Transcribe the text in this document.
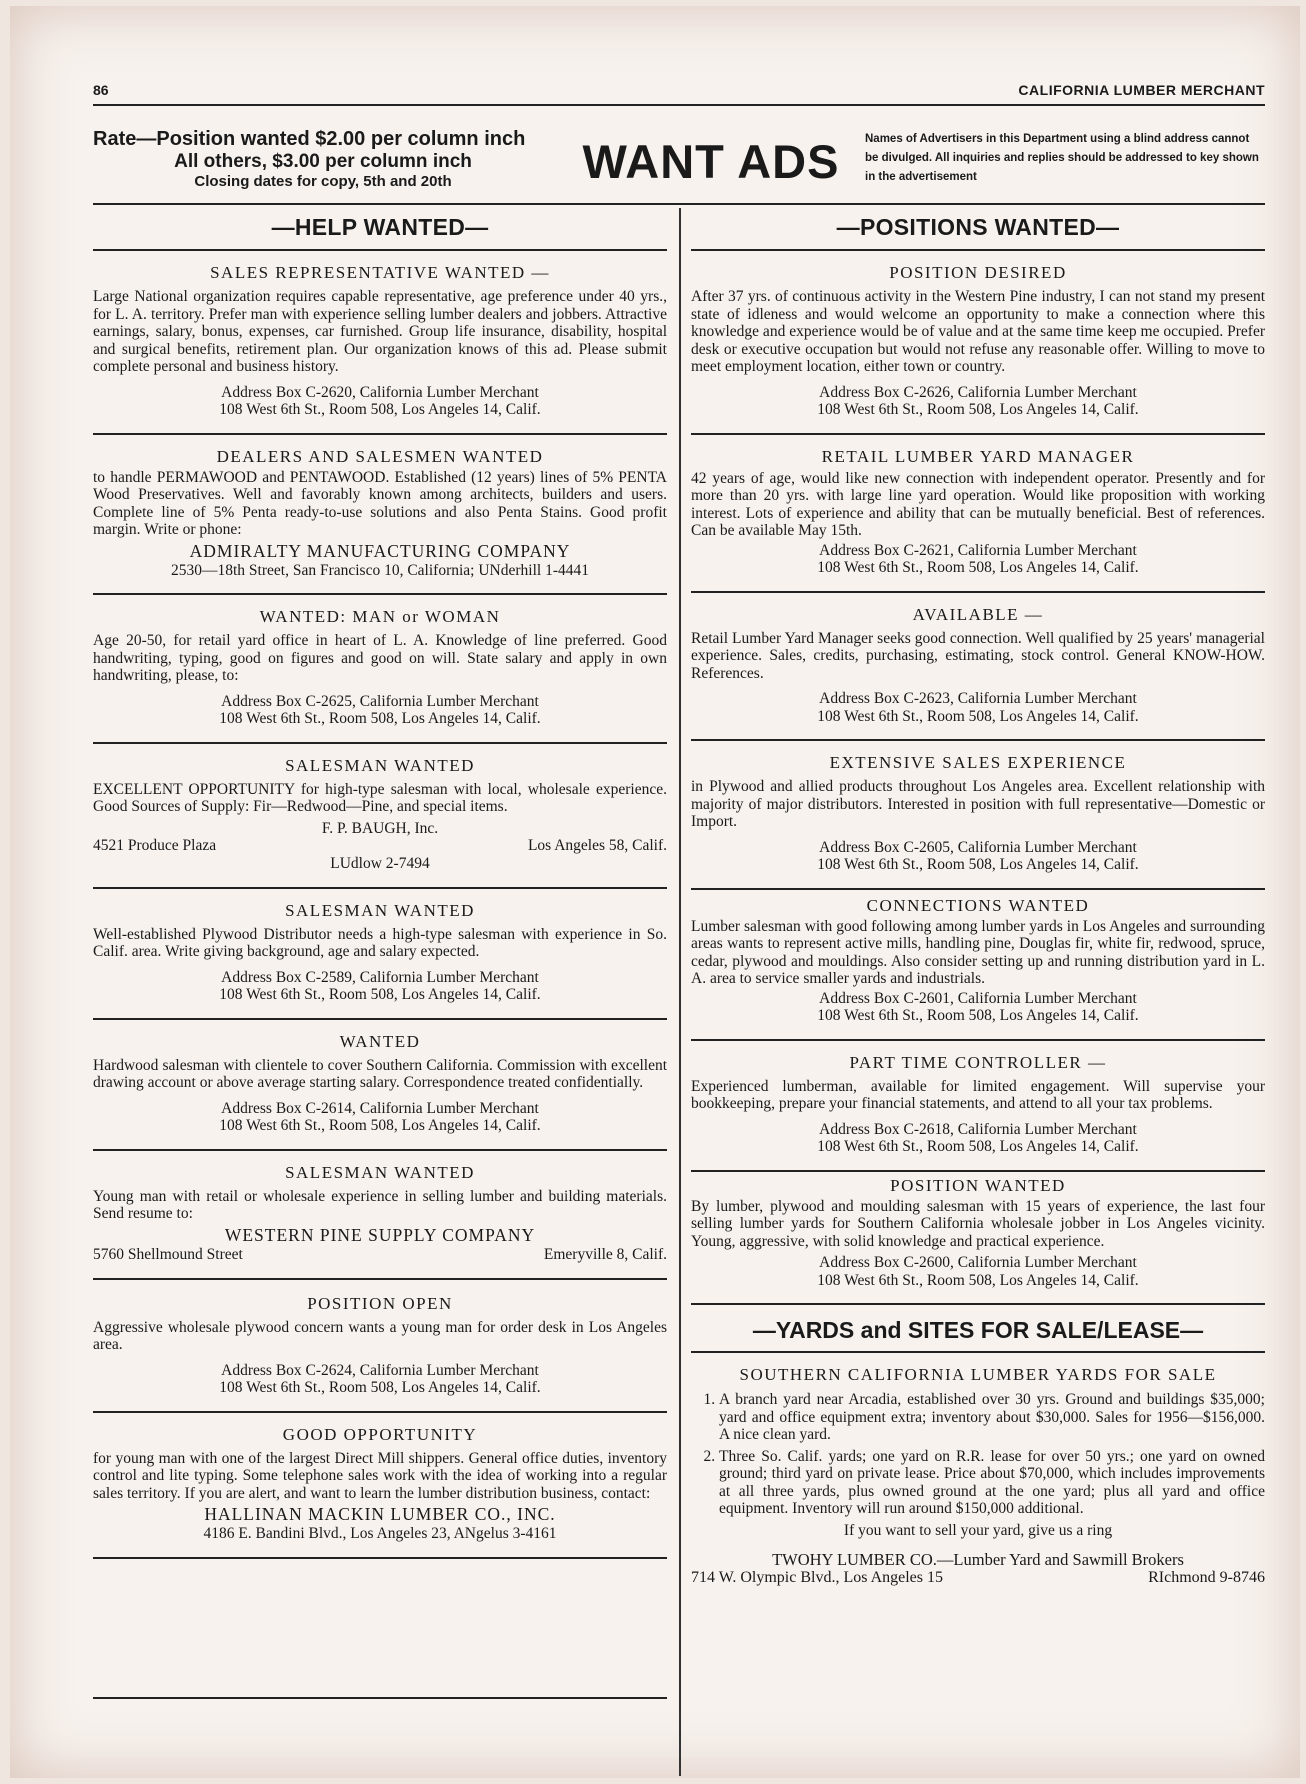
86	CALIFORNIA LUMBER MERCHANT
Rate—Position wanted $2.00 per column inch
All others, $3.00 per column inch
Closing dates for copy, 5th and 20th	WANT ADS	Names of Advertisers in this Department using a blind address cannot be divulged. All inquiries and replies should be addressed to key shown in the advertisement
—HELP WANTED—
SALES REPRESENTATIVE WANTED —

Large National organization requires capable representative, age preference under 40 yrs., for L. A. territory. Prefer man with experience selling lumber dealers and jobbers. Attractive earnings, salary, bonus, expenses, car furnished. Group life insurance, disability, hospital and surgical benefits, retirement plan. Our organization knows of this ad. Please submit complete personal and business history.

Address Box C-2620, California Lumber Merchant
108 West 6th St., Room 508, Los Angeles 14, Calif.
DEALERS AND SALESMEN WANTED

to handle PERMAWOOD and PENTAWOOD. Established (12 years) lines of 5% PENTA Wood Preservatives. Well and favorably known among architects, builders and users. Complete line of 5% Penta ready-to-use solutions and also Penta Stains. Good profit margin. Write or phone:

ADMIRALTY MANUFACTURING COMPANY
2530—18th Street, San Francisco 10, California; UNderhill 1-4441
WANTED: MAN or WOMAN

Age 20-50, for retail yard office in heart of L. A. Knowledge of line preferred. Good handwriting, typing, good on figures and good on will. State salary and apply in own handwriting, please, to:

Address Box C-2625, California Lumber Merchant
108 West 6th St., Room 508, Los Angeles 14, Calif.
SALESMAN WANTED

EXCELLENT OPPORTUNITY for high-type salesman with local, wholesale experience. Good Sources of Supply: Fir—Redwood—Pine, and special items.

F. P. BAUGH, Inc.
4521 Produce Plaza	Los Angeles 58, Calif.
LUdlow 2-7494
SALESMAN WANTED

Well-established Plywood Distributor needs a high-type salesman with experience in So. Calif. area. Write giving background, age and salary expected.

Address Box C-2589, California Lumber Merchant
108 West 6th St., Room 508, Los Angeles 14, Calif.
WANTED

Hardwood salesman with clientele to cover Southern California. Commission with excellent drawing account or above average starting salary. Correspondence treated confidentially.

Address Box C-2614, California Lumber Merchant
108 West 6th St., Room 508, Los Angeles 14, Calif.
SALESMAN WANTED

Young man with retail or wholesale experience in selling lumber and building materials. Send resume to:

WESTERN PINE SUPPLY COMPANY
5760 Shellmound Street	Emeryville 8, Calif.
POSITION OPEN

Aggressive wholesale plywood concern wants a young man for order desk in Los Angeles area.

Address Box C-2624, California Lumber Merchant
108 West 6th St., Room 508, Los Angeles 14, Calif.
GOOD OPPORTUNITY

for young man with one of the largest Direct Mill shippers. General office duties, inventory control and lite typing. Some telephone sales work with the idea of working into a regular sales territory. If you are alert, and want to learn the lumber distribution business, contact:

HALLINAN MACKIN LUMBER CO., INC.
4186 E. Bandini Blvd., Los Angeles 23, ANgelus 3-4161
—POSITIONS WANTED—
POSITION DESIRED

After 37 yrs. of continuous activity in the Western Pine industry, I can not stand my present state of idleness and would welcome an opportunity to make a connection where this knowledge and experience would be of value and at the same time keep me occupied. Prefer desk or executive occupation but would not refuse any reasonable offer. Willing to move to meet employment location, either town or country.

Address Box C-2626, California Lumber Merchant
108 West 6th St., Room 508, Los Angeles 14, Calif.
RETAIL LUMBER YARD MANAGER

42 years of age, would like new connection with independent operator. Presently and for more than 20 yrs. with large line yard operation. Would like proposition with working interest. Lots of experience and ability that can be mutually beneficial. Best of references. Can be available May 15th.

Address Box C-2621, California Lumber Merchant
108 West 6th St., Room 508, Los Angeles 14, Calif.
AVAILABLE —

Retail Lumber Yard Manager seeks good connection. Well qualified by 25 years' managerial experience. Sales, credits, purchasing, estimating, stock control. General KNOW-HOW. References.

Address Box C-2623, California Lumber Merchant
108 West 6th St., Room 508, Los Angeles 14, Calif.
EXTENSIVE SALES EXPERIENCE

in Plywood and allied products throughout Los Angeles area. Excellent relationship with majority of major distributors. Interested in position with full representative—Domestic or Import.

Address Box C-2605, California Lumber Merchant
108 West 6th St., Room 508, Los Angeles 14, Calif.
CONNECTIONS WANTED

Lumber salesman with good following among lumber yards in Los Angeles and surrounding areas wants to represent active mills, handling pine, Douglas fir, white fir, redwood, spruce, cedar, plywood and mouldings. Also consider setting up and running distribution yard in L. A. area to service smaller yards and industrials.

Address Box C-2601, California Lumber Merchant
108 West 6th St., Room 508, Los Angeles 14, Calif.
PART TIME CONTROLLER —

Experienced lumberman, available for limited engagement. Will supervise your bookkeeping, prepare your financial statements, and attend to all your tax problems.

Address Box C-2618, California Lumber Merchant
108 West 6th St., Room 508, Los Angeles 14, Calif.
POSITION WANTED

By lumber, plywood and moulding salesman with 15 years of experience, the last four selling lumber yards for Southern California wholesale jobber in Los Angeles vicinity. Young, aggressive, with solid knowledge and practical experience.

Address Box C-2600, California Lumber Merchant
108 West 6th St., Room 508, Los Angeles 14, Calif.
—YARDS and SITES FOR SALE/LEASE—
SOUTHERN CALIFORNIA LUMBER YARDS FOR SALE
1. A branch yard near Arcadia, established over 30 yrs. Ground and buildings $35,000; yard and office equipment extra; inventory about $30,000. Sales for 1956—$156,000. A nice clean yard.
2. Three So. Calif. yards; one yard on R.R. lease for over 50 yrs.; one yard on owned ground; third yard on private lease. Price about $70,000, which includes improvements at all three yards, plus owned ground at the one yard; plus all yard and office equipment. Inventory will run around $150,000 additional.
If you want to sell your yard, give us a ring
TWOHY LUMBER CO.—Lumber Yard and Sawmill Brokers
714 W. Olympic Blvd., Los Angeles 15	RIchmond 9-8746
